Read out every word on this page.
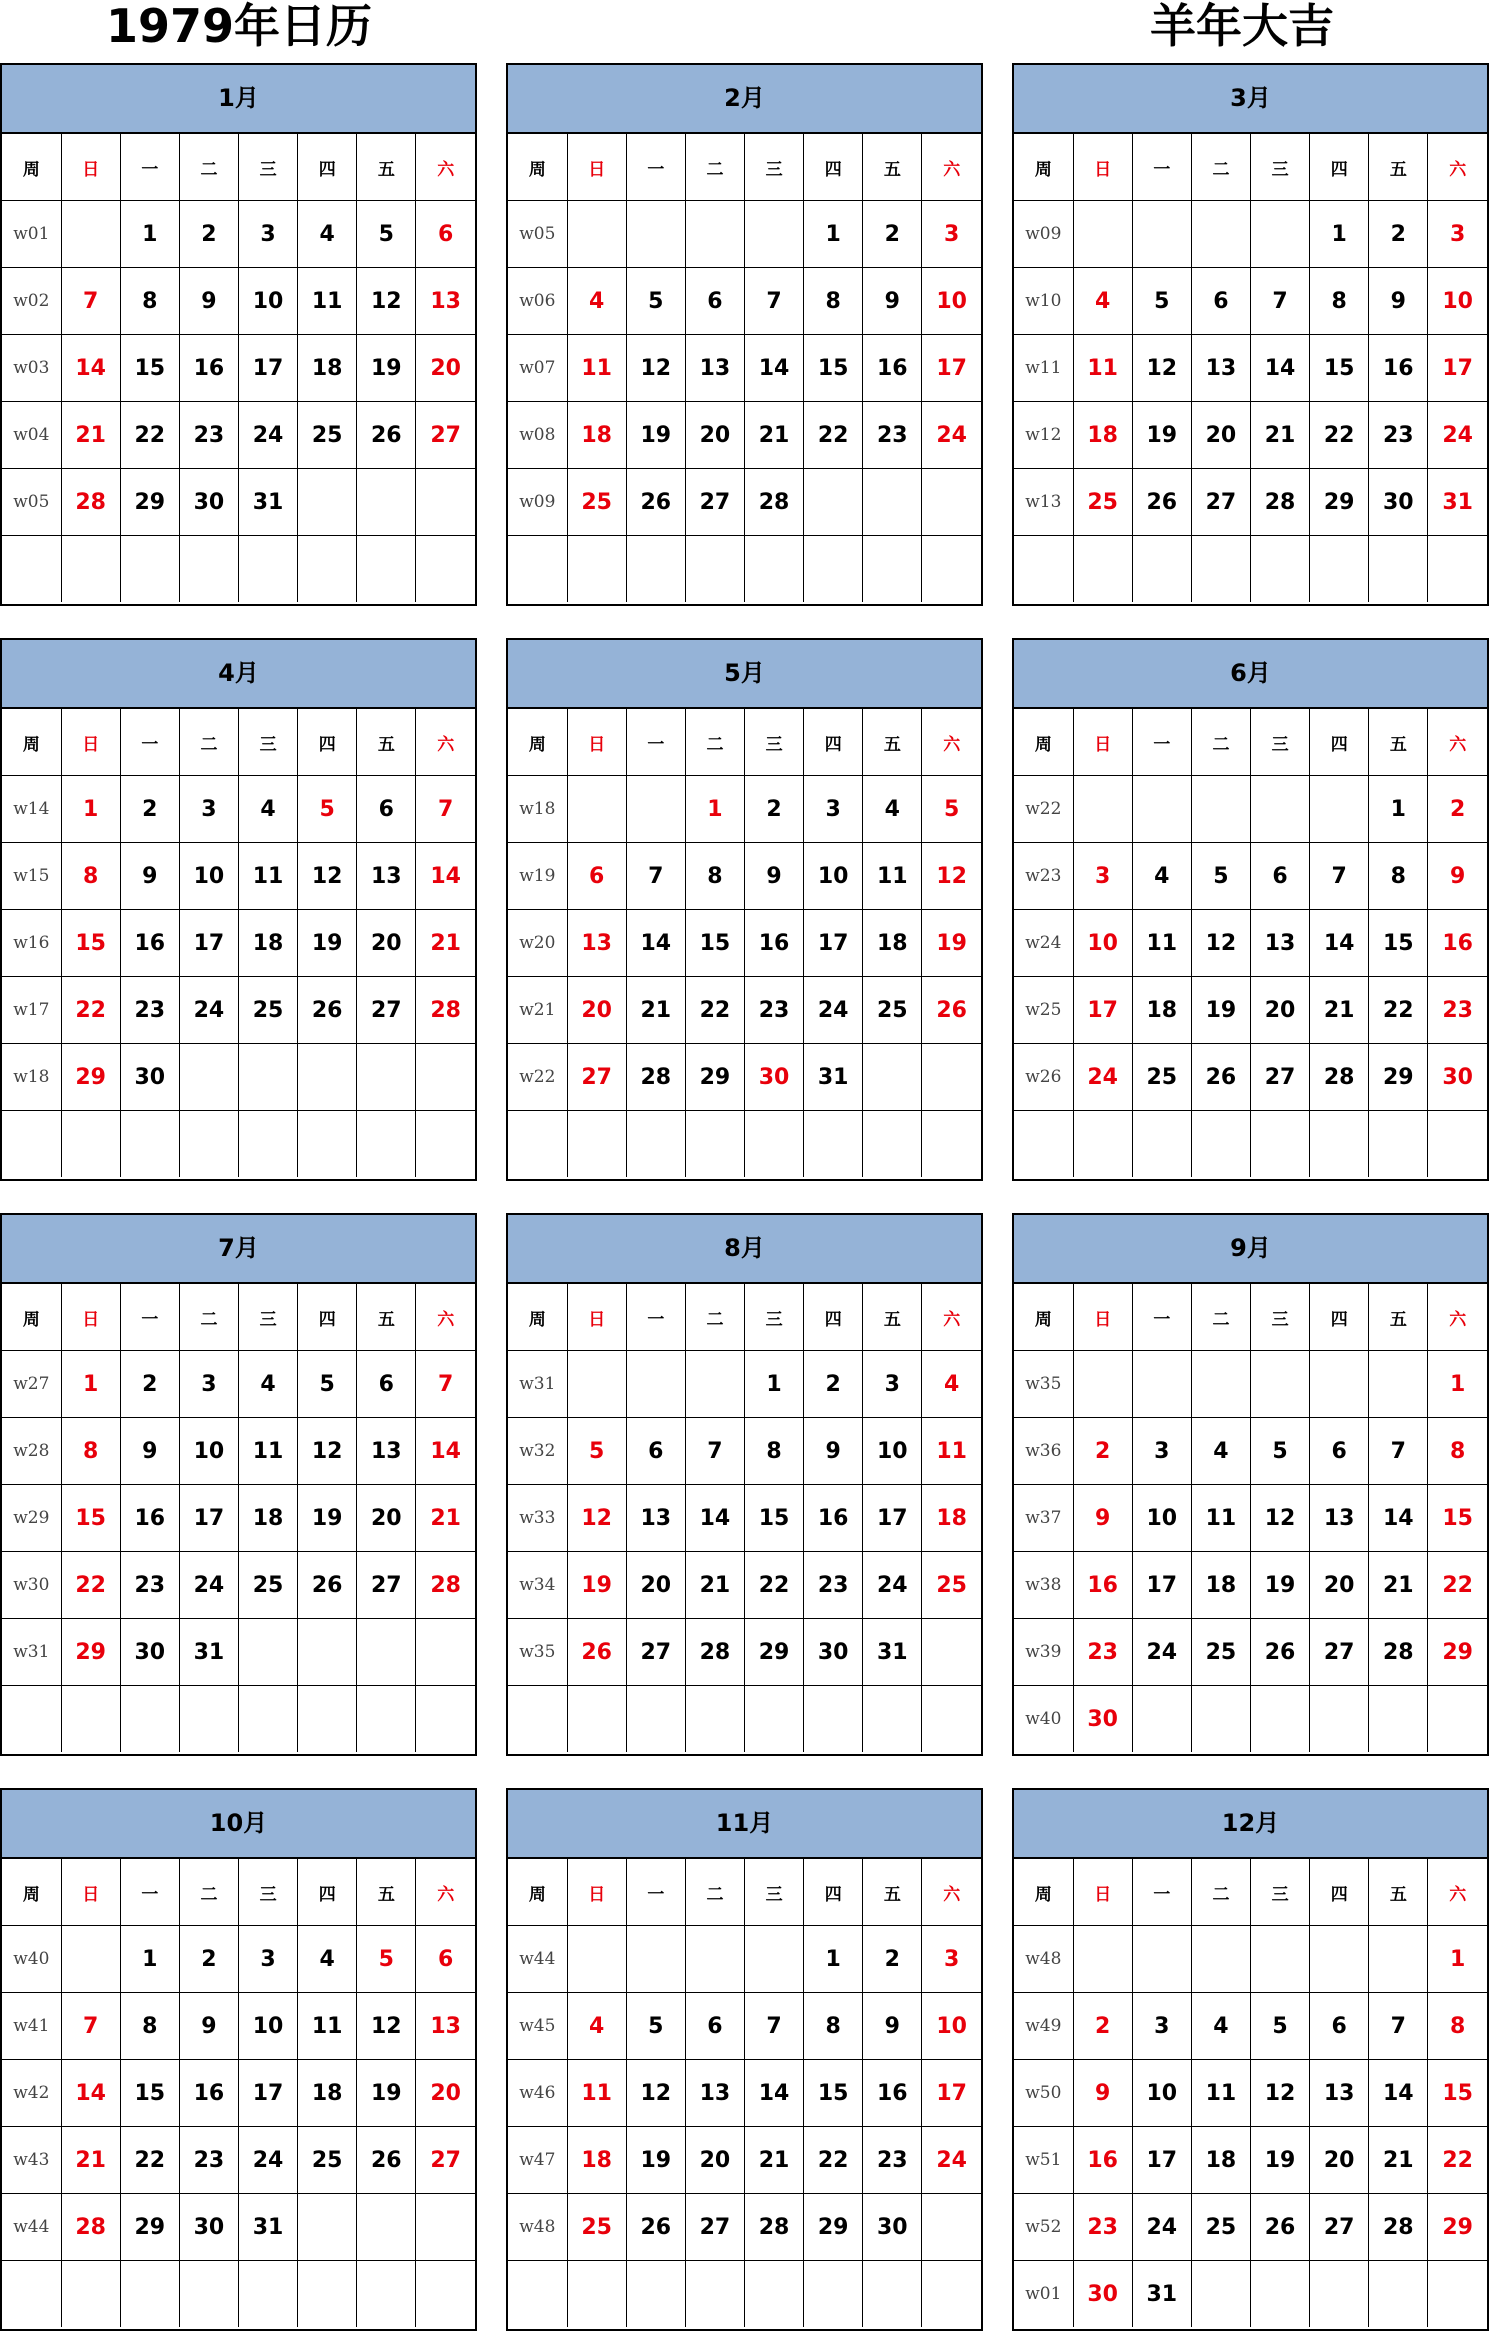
1979年日历	羊年大吉
1月
周	日	一	二	三	四	五	六
w01		1	2	3	4	5	6
w02	7	8	9	10	11	12	13
w03	14	15	16	17	18	19	20
w04	21	22	23	24	25	26	27
w05	28	29	30	31			

2月
周	日	一	二	三	四	五	六
w05					1	2	3
w06	4	5	6	7	8	9	10
w07	11	12	13	14	15	16	17
w08	18	19	20	21	22	23	24
w09	25	26	27	28			

3月
周	日	一	二	三	四	五	六
w09					1	2	3
w10	4	5	6	7	8	9	10
w11	11	12	13	14	15	16	17
w12	18	19	20	21	22	23	24
w13	25	26	27	28	29	30	31

4月
周	日	一	二	三	四	五	六
w14	1	2	3	4	5	6	7
w15	8	9	10	11	12	13	14
w16	15	16	17	18	19	20	21
w17	22	23	24	25	26	27	28
w18	29	30					

5月
周	日	一	二	三	四	五	六
w18			1	2	3	4	5
w19	6	7	8	9	10	11	12
w20	13	14	15	16	17	18	19
w21	20	21	22	23	24	25	26
w22	27	28	29	30	31		

6月
周	日	一	二	三	四	五	六
w22						1	2
w23	3	4	5	6	7	8	9
w24	10	11	12	13	14	15	16
w25	17	18	19	20	21	22	23
w26	24	25	26	27	28	29	30

7月
周	日	一	二	三	四	五	六
w27	1	2	3	4	5	6	7
w28	8	9	10	11	12	13	14
w29	15	16	17	18	19	20	21
w30	22	23	24	25	26	27	28
w31	29	30	31				

8月
周	日	一	二	三	四	五	六
w31				1	2	3	4
w32	5	6	7	8	9	10	11
w33	12	13	14	15	16	17	18
w34	19	20	21	22	23	24	25
w35	26	27	28	29	30	31	

9月
周	日	一	二	三	四	五	六
w35							1
w36	2	3	4	5	6	7	8
w37	9	10	11	12	13	14	15
w38	16	17	18	19	20	21	22
w39	23	24	25	26	27	28	29
w40	30						
10月
周	日	一	二	三	四	五	六
w40		1	2	3	4	5	6
w41	7	8	9	10	11	12	13
w42	14	15	16	17	18	19	20
w43	21	22	23	24	25	26	27
w44	28	29	30	31			

11月
周	日	一	二	三	四	五	六
w44					1	2	3
w45	4	5	6	7	8	9	10
w46	11	12	13	14	15	16	17
w47	18	19	20	21	22	23	24
w48	25	26	27	28	29	30	

12月
周	日	一	二	三	四	五	六
w48							1
w49	2	3	4	5	6	7	8
w50	9	10	11	12	13	14	15
w51	16	17	18	19	20	21	22
w52	23	24	25	26	27	28	29
w01	30	31					
